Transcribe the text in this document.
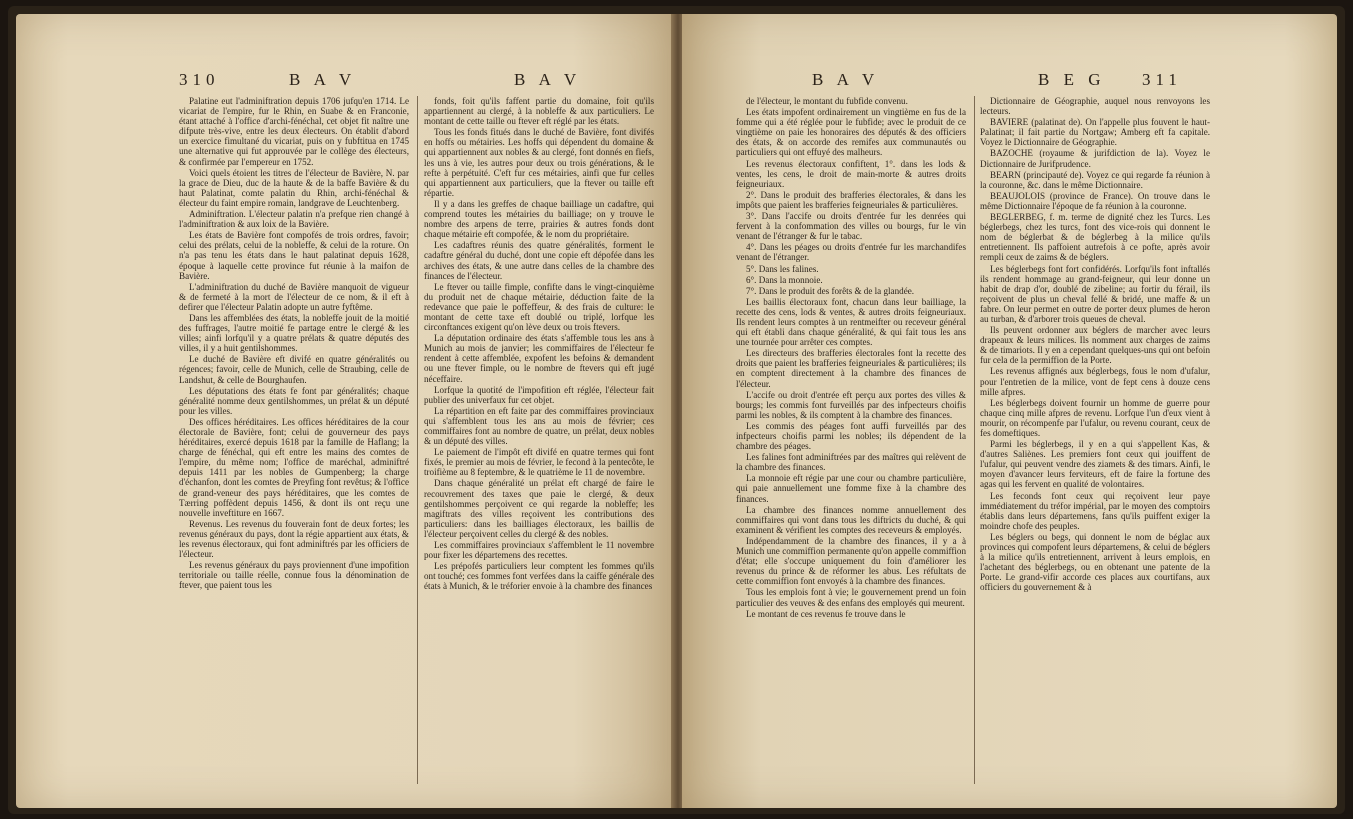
310	B A V	B A V

Palatine eut l'adminiftration depuis 1706 jufqu'en 1714. Le vicariat de l'empire, fur le Rhin, en Suabe & en Franconie, étant attaché à l'office d'archi-fénéchal, cet objet fit naître une difpute très-vive, entre les deux électeurs. On établit d'abord un exercice fimultané du vicariat, puis on y fubftitua en 1745 une alternative qui fut approuvée par le collège des électeurs, & confirmée par l'empereur en 1752.

Voici quels étoient les titres de l'électeur de Bavière, N. par la grace de Dieu, duc de la haute & de la baffe Bavière & du haut Palatinat, comte palatin du Rhin, archi-fénéchal & électeur du faint empire romain, landgrave de Leuchtenberg.

Adminiftration. L'électeur palatin n'a prefque rien changé à l'adminiftration & aux loix de la Bavière.

Les états de Bavière font compofés de trois ordres, favoir; celui des prélats, celui de la nobleffe, & celui de la roture. On n'a pas tenu les états dans le haut palatinat depuis 1628, époque à laquelle cette province fut réunie à la maifon de Bavière.

L'adminiftration du duché de Bavière manquoit de vigueur & de fermeté à la mort de l'électeur de ce nom, & il eft à defirer que l'électeur Palatin adopte un autre fyftême.

Dans les affemblées des états, la nobleffe jouit de la moitié des fuffrages, l'autre moitié fe partage entre le clergé & les villes; ainfi lorfqu'il y a quatre prélats & quatre députés des villes, il y a huit gentilshommes.

Le duché de Bavière eft divifé en quatre généralités ou régences; favoir, celle de Munich, celle de Straubing, celle de Landshut, & celle de Bourghaufen.

Les députations des états fe font par généralités; chaque généralité nomme deux gentilshommes, un prélat & un député pour les villes.

Des offices héréditaires. Les offices héréditaires de la cour électorale de Bavière, font; celui de gouverneur des pays héréditaires, exercé depuis 1618 par la famille de Haflang; la charge de fénéchal, qui eft entre les mains des comtes de l'empire, du même nom; l'office de maréchal, adminiftré depuis 1411 par les nobles de Gumpenberg; la charge d'échanfon, dont les comtes de Preyfing font revêtus; & l'office de grand-veneur des pays héréditaires, que les comtes de Tærring poffèdent depuis 1456, & dont ils ont reçu une nouvelle inveftiture en 1667.

Revenus. Les revenus du fouverain font de deux fortes; les revenus généraux du pays, dont la régie appartient aux états, & les revenus électoraux, qui font adminiftrés par les officiers de l'électeur.

Les revenus généraux du pays proviennent d'une impofition territoriale ou taille réelle, connue fous la dénomination de ftever, que paient tous les

fonds, foit qu'ils faffent partie du domaine, foit qu'ils appartiennent au clergé, à la nobleffe & aux particuliers. Le montant de cette taille ou ftever eft réglé par les états.

Tous les fonds fitués dans le duché de Bavière, font divifés en hoffs ou métairies. Les hoffs qui dépendent du domaine & qui appartiennent aux nobles & au clergé, font donnés en fiefs, les uns à vie, les autres pour deux ou trois générations, & le refte à perpétuité. C'eft fur ces métairies, ainfi que fur celles qui appartiennent aux particuliers, que la ftever ou taille eft répartie.

Il y a dans les greffes de chaque bailliage un cadaftre, qui comprend toutes les métairies du bailliage; on y trouve le nombre des arpens de terre, prairies & autres fonds dont chaque métairie eft compofée, & le nom du propriétaire.

Les cadaftres réunis des quatre généralités, forment le cadaftre général du duché, dont une copie eft dépofée dans les archives des états, & une autre dans celles de la chambre des finances de l'électeur.

Le ftever ou taille fimple, confifte dans le vingt-cinquième du produit net de chaque métairie, déduction faite de la redevance que paie le poffeffeur, & des frais de culture: le montant de cette taxe eft doublé ou triplé, lorfque les circonftances exigent qu'on lève deux ou trois ftevers.

La députation ordinaire des états s'affemble tous les ans à Munich au mois de janvier; les commiffaires de l'électeur fe rendent à cette affemblée, expofent les befoins & demandent ou une ftever fimple, ou le nombre de ftevers qui eft jugé néceffaire.

Lorfque la quotité de l'impofition eft réglée, l'électeur fait publier des univerfaux fur cet objet.

La répartition en eft faite par des commiffaires provinciaux qui s'affemblent tous les ans au mois de février; ces commiffaires font au nombre de quatre, un prélat, deux nobles & un député des villes.

Le paiement de l'impôt eft divifé en quatre termes qui font fixés, le premier au mois de février, le fecond à la pentecôte, le troifième au 8 feptembre, & le quatrième le 11 de novembre.

Dans chaque généralité un prélat eft chargé de faire le recouvrement des taxes que paie le clergé, & deux gentilshommes perçoivent ce qui regarde la nobleffe; les magiftrats des villes reçoivent les contributions des particuliers: dans les bailliages électoraux, les baillis de l'électeur perçoivent celles du clergé & des nobles.

Les commiffaires provinciaux s'affemblent le 11 novembre pour fixer les départemens des recettes.

Les prépofés particuliers leur comptent les fommes qu'ils ont touché; ces fommes font verfées dans la caiffe générale des états à Munich, & le tréforier envoie à la chambre des finances

B A V	B E G 311

de l'électeur, le montant du fubfide convenu.

Les états impofent ordinairement un vingtième en fus de la fomme qui a été réglée pour le fubfide; avec le produit de ce vingtième on paie les honoraires des députés & des officiers des états, & on accorde des remifes aux communautés ou particuliers qui ont effuyé des malheurs.

Les revenus électoraux confiftent, 1°. dans les lods & ventes, les cens, le droit de main-morte & autres droits feigneuriaux.

2°. Dans le produit des brafferies électorales, & dans les impôts que paient les brafferies feigneuriales & particulières.

3°. Dans l'accife ou droits d'entrée fur les denrées qui fervent à la confommation des villes ou bourgs, fur le vin venant de l'étranger & fur le tabac.

4°. Dans les péages ou droits d'entrée fur les marchandifes venant de l'étranger.

5°. Dans les falines.

6°. Dans la monnoie.

7°. Dans le produit des forêts & de la glandée.

Les baillis électoraux font, chacun dans leur bailliage, la recette des cens, lods & ventes, & autres droits feigneuriaux. Ils rendent leurs comptes à un rentmeifter ou receveur général qui eft établi dans chaque généralité, & qui fait tous les ans une tournée pour arrêter ces comptes.

Les directeurs des brafferies électorales font la recette des droits que paient les brafferies feigneuriales & particulières; ils en comptent directement à la chambre des finances de l'électeur.

L'accife ou droit d'entrée eft perçu aux portes des villes & bourgs; les commis font furveillés par des infpecteurs choifis parmi les nobles, & ils comptent à la chambre des finances.

Les commis des péages font auffi furveillés par des infpecteurs choifis parmi les nobles; ils dépendent de la chambre des péages.

Les falines font adminiftrées par des maîtres qui relèvent de la chambre des finances.

La monnoie eft régie par une cour ou chambre particulière, qui paie annuellement une fomme fixe à la chambre des finances.

La chambre des finances nomme annuellement des commiffaires qui vont dans tous les diftricts du duché, & qui examinent & vérifient les comptes des receveurs & employés.

Indépendamment de la chambre des finances, il y a à Munich une commiffion permanente qu'on appelle commiffion d'état; elle s'occupe uniquement du foin d'améliorer les revenus du prince & de réformer les abus. Les réfultats de cette commiffion font envoyés à la chambre des finances.

Tous les emplois font à vie; le gouvernement prend un foin particulier des veuves & des enfans des employés qui meurent.

Le montant de ces revenus fe trouve dans le

Dictionnaire de Géographie, auquel nous renvoyons les lecteurs.

BAVIERE (palatinat de). On l'appelle plus fouvent le haut-Palatinat; il fait partie du Nortgaw; Amberg eft fa capitale. Voyez le Dictionnaire de Géographie.

BAZOCHE (royaume & jurifdiction de la). Voyez le Dictionnaire de Jurifprudence.

BEARN (principauté de). Voyez ce qui regarde fa réunion à la couronne, &c. dans le même Dictionnaire.

BEAUJOLOIS (province de France). On trouve dans le même Dictionnaire l'époque de fa réunion à la couronne.

BEGLERBEG, f. m. terme de dignité chez les Turcs. Les béglerbegs, chez les turcs, font des vice-rois qui donnent le nom de béglerbat & de béglerbeg à la milice qu'ils entretiennent. Ils paffoient autrefois à ce pofte, après avoir rempli ceux de zaims & de béglers.

Les béglerbegs font fort confidérés. Lorfqu'ils font inftallés ils rendent hommage au grand-feigneur, qui leur donne un habit de drap d'or, doublé de zibeline; au fortir du férail, ils reçoivent de plus un cheval fellé & bridé, une maffe & un fabre. On leur permet en outre de porter deux plumes de heron au turban, & d'arborer trois queues de cheval.

Ils peuvent ordonner aux béglers de marcher avec leurs drapeaux & leurs milices. Ils nomment aux charges de zaims & de timariots. Il y en a cependant quelques-uns qui ont befoin fur cela de la permiffion de la Porte.

Les revenus affignés aux béglerbegs, fous le nom d'ufalur, pour l'entretien de la milice, vont de fept cens à douze cens mille afpres.

Les béglerbegs doivent fournir un homme de guerre pour chaque cinq mille afpres de revenu. Lorfque l'un d'eux vient à mourir, on récompenfe par l'ufalur, ou revenu courant, ceux de fes domeftiques.

Parmi les béglerbegs, il y en a qui s'appellent Kas, & d'autres Saliènes. Les premiers font ceux qui jouiffent de l'ufalur, qui peuvent vendre des ziamets & des timars. Ainfi, le moyen d'avancer leurs ferviteurs, eft de faire la fortune des agas qui les fervent en qualité de volontaires.

Les feconds font ceux qui reçoivent leur paye immédiatement du tréfor impérial, par le moyen des comptoirs établis dans leurs départemens, fans qu'ils puiffent exiger la moindre chofe des peuples.

Les béglers ou begs, qui donnent le nom de béglac aux provinces qui compofent leurs départemens, & celui de béglers à la milice qu'ils entretiennent, arrivent à leurs emplois, en l'achetant des béglerbegs, ou en obtenant une patente de la Porte. Le grand-vifir accorde ces places aux courtifans, aux officiers du gouvernement & à
